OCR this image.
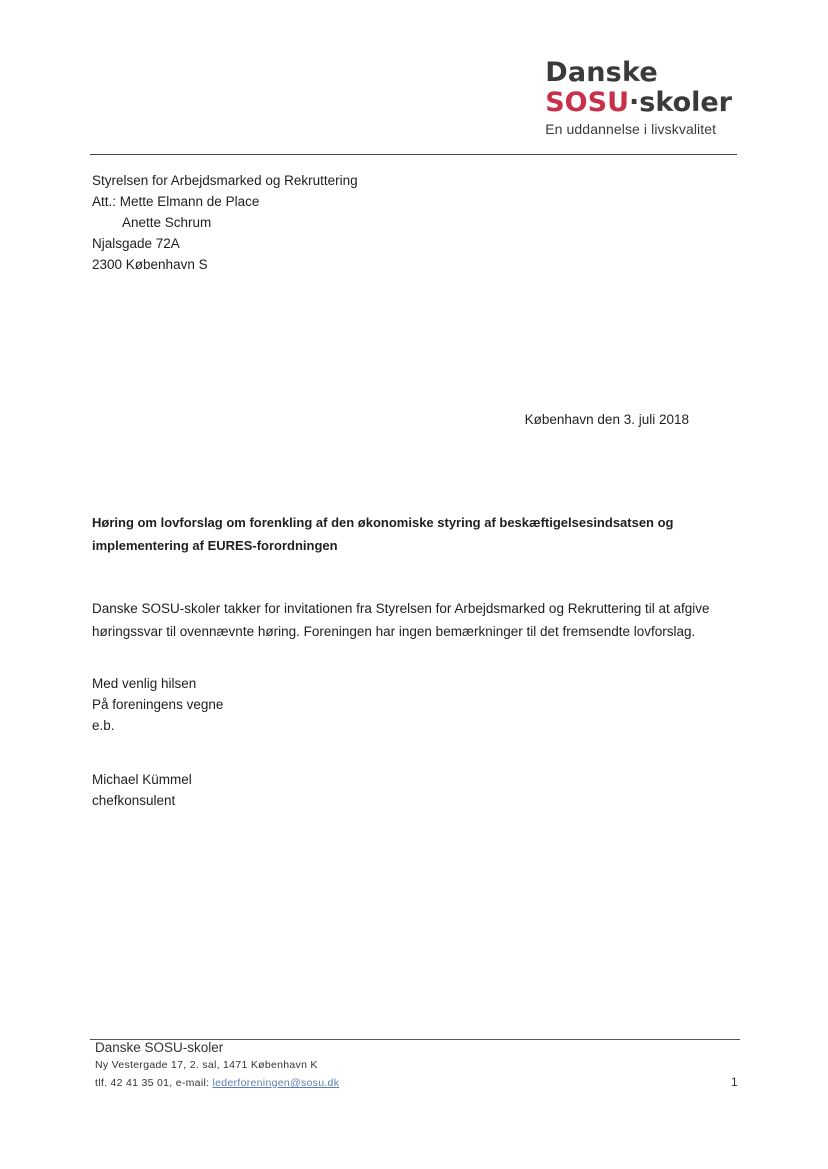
Danske
SOSU·skoler
En uddannelse i livskvalitet
Styrelsen for Arbejdsmarked og Rekruttering
Att.: Mette Elmann de Place
Anette Schrum
Njalsgade 72A
2300 København S
København den 3. juli 2018
Høring om lovforslag om forenkling af den økonomiske styring af beskæftigelsesindsatsen og
implementering af EURES-forordningen
Danske SOSU-skoler takker for invitationen fra Styrelsen for Arbejdsmarked og Rekruttering til at afgive
høringssvar til ovennævnte høring. Foreningen har ingen bemærkninger til det fremsendte lovforslag.
Med venlig hilsen
På foreningens vegne
e.b.
Michael Kümmel
chefkonsulent
Danske SOSU-skoler
Ny Vestergade 17, 2. sal, 1471 København K
tlf. 42 41 35 01, e-mail: lederforeningen@sosu.dk	1
